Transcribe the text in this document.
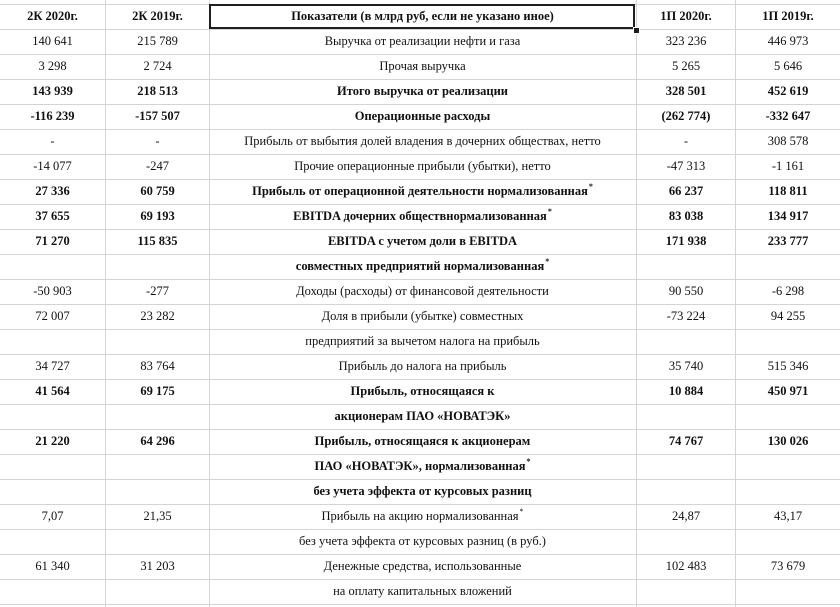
2К 2020г.	2К 2019г.	Показатели (в млрд руб, если не указано иное)	1П 2020г.	1П 2019г.
140 641	215 789	Выручка от реализации нефти и газа	323 236	446 973
3 298	2 724	Прочая выручка	5 265	5 646
143 939	218 513	Итого выручка от реализации	328 501	452 619
-116 239	-157 507	Операционные расходы	(262 774)	-332 647
-	-	Прибыль от выбытия долей владения в дочерних обществах, нетто	-	308 578
-14 077	-247	Прочие операционные прибыли (убытки), нетто	-47 313	-1 161
27 336	60 759	Прибыль от операционной деятельности нормализованная*	66 237	118 811
37 655	69 193	EBITDA дочерних обществнормализованная*	83 038	134 917
71 270	115 835	EBITDA с учетом доли в EBITDA	171 938	233 777
совместных предприятий нормализованная*
-50 903	-277	Доходы (расходы) от финансовой деятельности	90 550	-6 298
72 007	23 282	Доля в прибыли (убытке) совместных	-73 224	94 255
предприятий за вычетом налога на прибыль
34 727	83 764	Прибыль до налога на прибыль	35 740	515 346
41 564	69 175	Прибыль, относящаяся к	10 884	450 971
акционерам ПАО «НОВАТЭК»
21 220	64 296	Прибыль, относящаяся к акционерам	74 767	130 026
ПАО «НОВАТЭК», нормализованная*
без учета эффекта от курсовых разниц
7,07	21,35	Прибыль на акцию нормализованная*	24,87	43,17
без учета эффекта от курсовых разниц (в руб.)
61 340	31 203	Денежные средства, использованные	102 483	73 679
на оплату капитальных вложений
